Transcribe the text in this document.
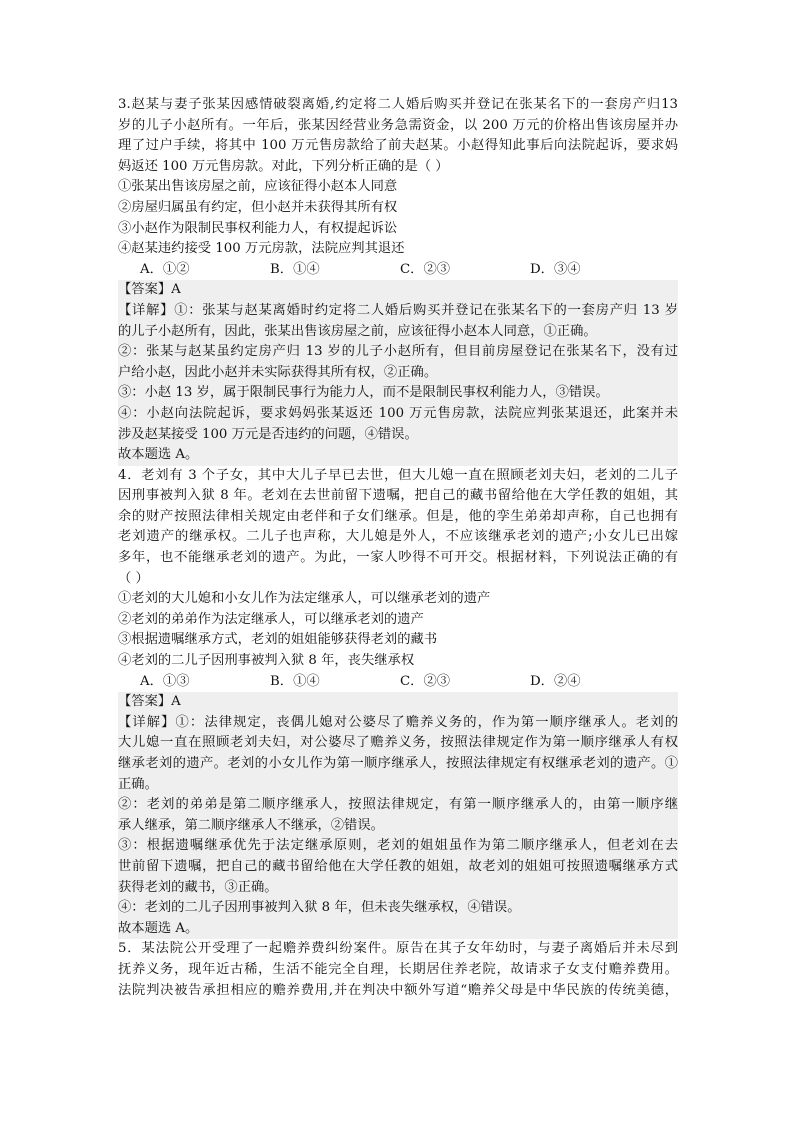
3.赵某与妻子张某因感情破裂离婚,约定将二人婚后购买并登记在张某名下的一套房产归13
岁的儿子小赵所有。一年后，张某因经营业务急需资金，以 200 万元的价格出售该房屋并办
理了过户手续，将其中 100 万元售房款给了前夫赵某。小赵得知此事后向法院起诉，要求妈
妈返还 100 万元售房款。对此，下列分析正确的是（ ）
①张某出售该房屋之前，应该征得小赵本人同意
②房屋归属虽有约定，但小赵并未获得其所有权
③小赵作为限制民事权利能力人，有权提起诉讼
④赵某违约接受 100 万元房款，法院应判其退还
A．①②	B．①④	C．②③	D．③④
【答案】A
【详解】①：张某与赵某离婚时约定将二人婚后购买并登记在张某名下的一套房产归 13 岁
的儿子小赵所有，因此，张某出售该房屋之前，应该征得小赵本人同意，①正确。
②：张某与赵某虽约定房产归 13 岁的儿子小赵所有，但目前房屋登记在张某名下，没有过
户给小赵，因此小赵并未实际获得其所有权，②正确。
③：小赵 13 岁，属于限制民事行为能力人，而不是限制民事权利能力人，③错误。
④：小赵向法院起诉，要求妈妈张某返还 100 万元售房款，法院应判张某退还，此案并未
涉及赵某接受 100 万元是否违约的问题，④错误。
故本题选 A。
4．老刘有 3 个子女，其中大儿子早已去世，但大儿媳一直在照顾老刘夫妇，老刘的二儿子
因刑事被判入狱 8 年。老刘在去世前留下遗嘱，把自己的藏书留给他在大学任教的姐姐，其
余的财产按照法律相关规定由老伴和子女们继承。但是，他的孪生弟弟却声称，自己也拥有
老刘遗产的继承权。二儿子也声称，大儿媳是外人，不应该继承老刘的遗产;小女儿已出嫁
多年，也不能继承老刘的遗产。为此，一家人吵得不可开交。根据材料，下列说法正确的有
（ ）
①老刘的大儿媳和小女儿作为法定继承人，可以继承老刘的遗产
②老刘的弟弟作为法定继承人，可以继承老刘的遗产
③根据遗嘱继承方式，老刘的姐姐能够获得老刘的藏书
④老刘的二儿子因刑事被判入狱 8 年，丧失继承权
A．①③	B．①④	C．②③	D．②④
【答案】A
【详解】①：法律规定，丧偶儿媳对公婆尽了赡养义务的，作为第一顺序继承人。老刘的
大儿媳一直在照顾老刘夫妇，对公婆尽了赡养义务，按照法律规定作为第一顺序继承人有权
继承老刘的遗产。老刘的小女儿作为第一顺序继承人，按照法律规定有权继承老刘的遗产。①
正确。
②：老刘的弟弟是第二顺序继承人，按照法律规定，有第一顺序继承人的，由第一顺序继
承人继承，第二顺序继承人不继承，②错误。
③：根据遗嘱继承优先于法定继承原则，老刘的姐姐虽作为第二顺序继承人，但老刘在去
世前留下遗嘱，把自己的藏书留给他在大学任教的姐姐，故老刘的姐姐可按照遗嘱继承方式
获得老刘的藏书，③正确。
④：老刘的二儿子因刑事被判入狱 8 年，但未丧失继承权，④错误。
故本题选 A。
5．某法院公开受理了一起赡养费纠纷案件。原告在其子女年幼时，与妻子离婚后并未尽到
抚养义务，现年近古稀，生活不能完全自理，长期居住养老院，故请求子女支付赡养费用。
法院判决被告承担相应的赡养费用,并在判决中额外写道“赡养父母是中华民族的传统美德，
